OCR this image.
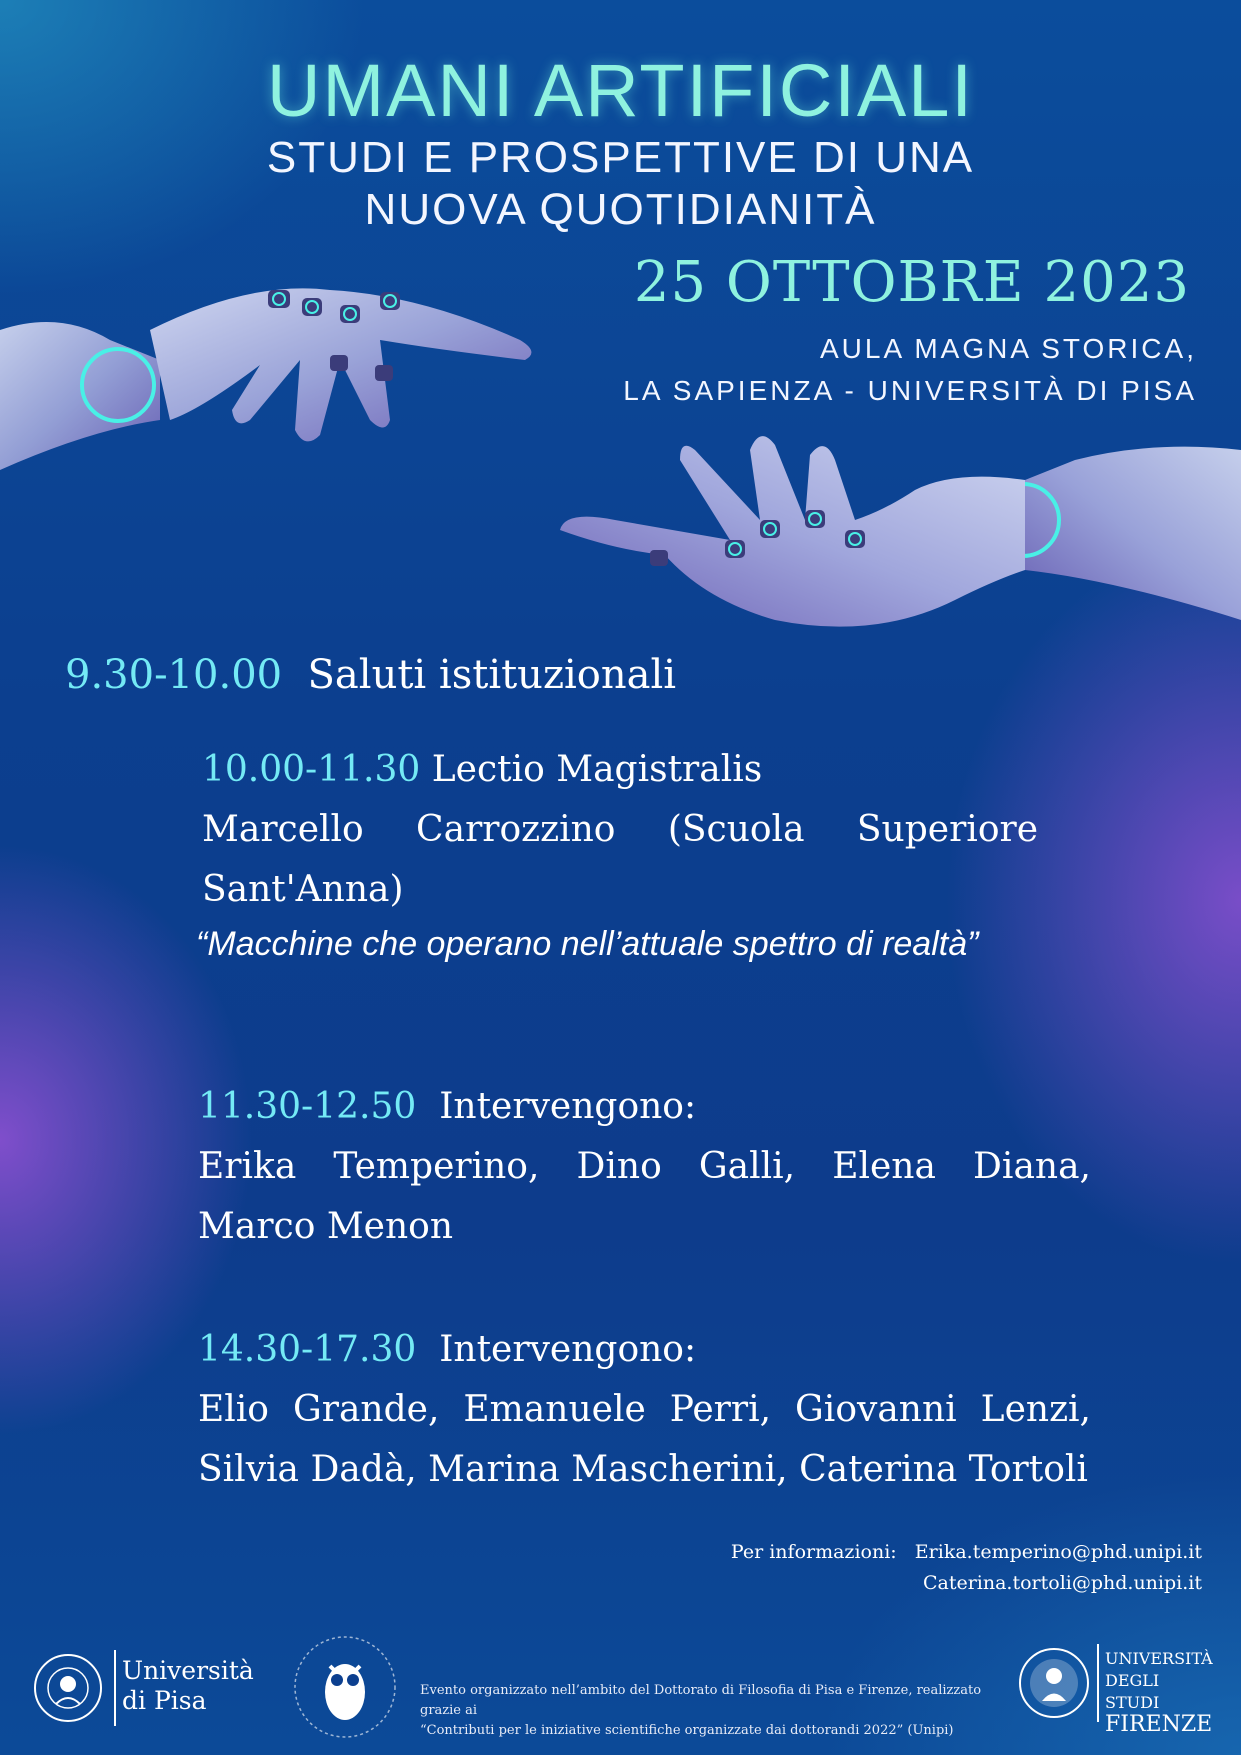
UMANI ARTIFICIALI
STUDI E PROSPETTIVE DI UNA
NUOVA QUOTIDIANITÀ
25 OTTOBRE 2023
AULA MAGNA STORICA,
LA SAPIENZA - UNIVERSITÀ DI PISA
9.30-10.00 Saluti istituzionali
10.00-11.30 Lectio Magistralis
Marcello Carrozzino (Scuola Superiore Sant'Anna)
“Macchine che operano nell’attuale spettro di realtà”
11.30-12.50 Intervengono:
Erika Temperino, Dino Galli, Elena Diana, Marco Menon
14.30-17.30 Intervengono:
Elio Grande, Emanuele Perri, Giovanni Lenzi, Silvia Dadà, Marina Mascherini, Caterina Tortoli
Per informazioni: Erika.temperino@phd.unipi.it
Caterina.tortoli@phd.unipi.it
Università
di Pisa	Evento organizzato nell’ambito del Dottorato di Filosofia di Pisa e Firenze, realizzato grazie ai
“Contributi per le iniziative scientifiche organizzate dai dottorandi 2022” (Unipi)
UNIVERSITÀ
DEGLI STUDI
FIRENZE
